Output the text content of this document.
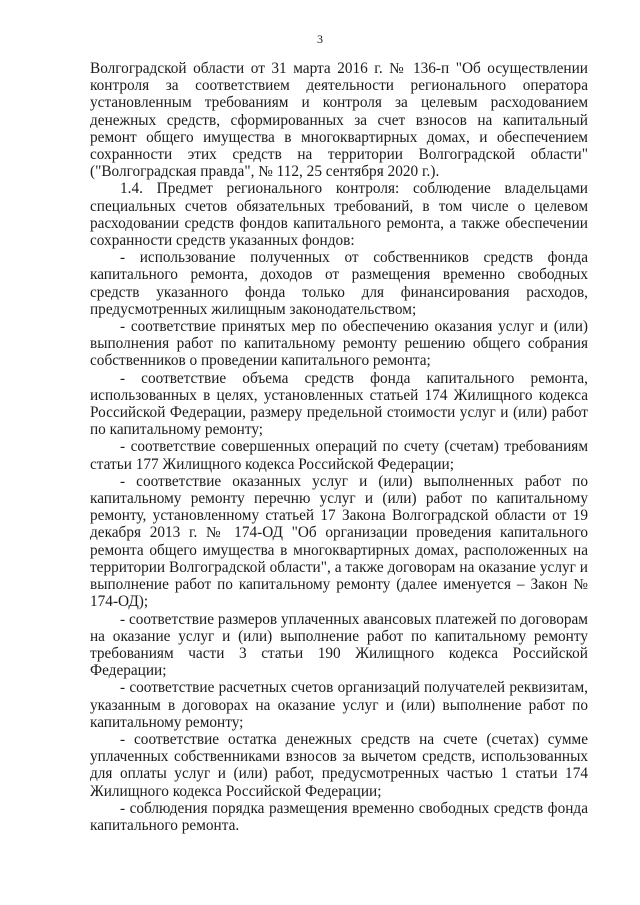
3

Волгоградской области от 31 марта 2016 г. № 136-п "Об осуществлении контроля за соответствием деятельности регионального оператора установленным требованиям и контроля за целевым расходованием денежных средств, сформированных за счет взносов на капитальный ремонт общего имущества в многоквартирных домах, и обеспечением сохранности этих средств на территории Волгоградской области" ("Волгоградская правда", № 112, 25 сентября 2020 г.).

1.4. Предмет регионального контроля: соблюдение владельцами специальных счетов обязательных требований, в том числе о целевом расходовании средств фондов капитального ремонта, а также обеспечении сохранности средств указанных фондов:

- использование полученных от собственников средств фонда капитального ремонта, доходов от размещения временно свободных средств указанного фонда только для финансирования расходов, предусмотренных жилищным законодательством;

- соответствие принятых мер по обеспечению оказания услуг и (или) выполнения работ по капитальному ремонту решению общего собрания собственников о проведении капитального ремонта;

- соответствие объема средств фонда капитального ремонта, использованных в целях, установленных статьей 174 Жилищного кодекса Российской Федерации, размеру предельной стоимости услуг и (или) работ по капитальному ремонту;

- соответствие совершенных операций по счету (счетам) требованиям статьи 177 Жилищного кодекса Российской Федерации;

- соответствие оказанных услуг и (или) выполненных работ по капитальному ремонту перечню услуг и (или) работ по капитальному ремонту, установленному статьей 17 Закона Волгоградской области от 19 декабря 2013 г. № 174-ОД "Об организации проведения капитального ремонта общего имущества в многоквартирных домах, расположенных на территории Волгоградской области", а также договорам на оказание услуг и выполнение работ по капитальному ремонту (далее именуется – Закон № 174-ОД);

- соответствие размеров уплаченных авансовых платежей по договорам на оказание услуг и (или) выполнение работ по капитальному ремонту требованиям части 3 статьи 190 Жилищного кодекса Российской Федерации;

- соответствие расчетных счетов организаций получателей реквизитам, указанным в договорах на оказание услуг и (или) выполнение работ по капитальному ремонту;

- соответствие остатка денежных средств на счете (счетах) сумме уплаченных собственниками взносов за вычетом средств, использованных для оплаты услуг и (или) работ, предусмотренных частью 1 статьи 174 Жилищного кодекса Российской Федерации;

- соблюдения порядка размещения временно свободных средств фонда капитального ремонта.
